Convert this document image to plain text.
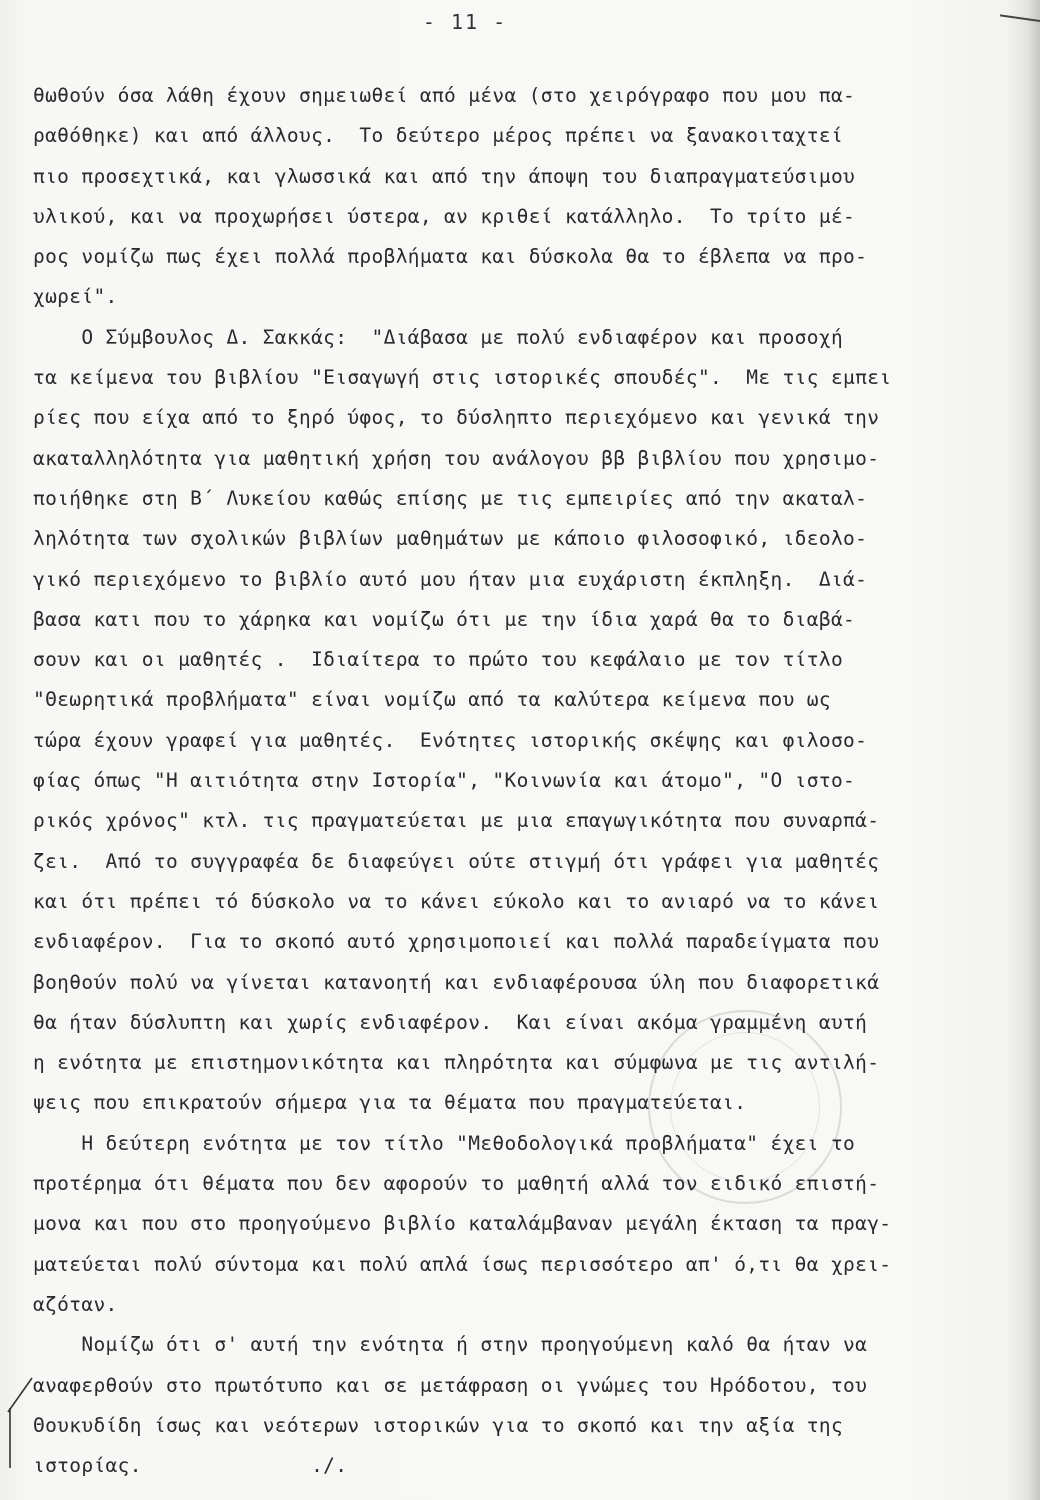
- 11 -
θωθούν όσα λάθη έχουν σημειωθεί από μένα (στο χειρόγραφο που μου πα-
ραθόθηκε) και από άλλους.  Το δεύτερο μέρος πρέπει να ξανακοιταχτεί
πιο προσεχτικά, και γλωσσικά και από την άποψη του διαπραγματεύσιμου
υλικού, και να προχωρήσει ύστερα, αν κριθεί κατάλληλο.  Το τρίτο μέ-
ρος νομίζω πως έχει πολλά προβλήματα και δύσκολα θα το έβλεπα να προ-
χωρεί".
Ο Σύμβουλος Δ. Σακκάς:  "Διάβασα με πολύ ενδιαφέρον και προσοχή
τα κείμενα του βιβλίου "Εισαγωγή στις ιστορικές σπουδές".  Με τις εμπει
ρίες που είχα από το ξηρό ύφος, το δύσληπτο περιεχόμενο και γενικά την
ακαταλληλότητα για μαθητική χρήση του ανάλογου ββ βιβλίου που χρησιμο-
ποιήθηκε στη Β΄ Λυκείου καθώς επίσης με τις εμπειρίες από την ακαταλ-
ληλότητα των σχολικών βιβλίων μαθημάτων με κάποιο φιλοσοφικό, ιδεολο-
γικό περιεχόμενο το βιβλίο αυτό μου ήταν μια ευχάριστη έκπληξη.  Διά-
βασα κατι που το χάρηκα και νομίζω ότι με την ίδια χαρά θα το διαβά-
σουν και οι μαθητές .  Ιδιαίτερα το πρώτο του κεφάλαιο με τον τίτλο
"Θεωρητικά προβλήματα" είναι νομίζω από τα καλύτερα κείμενα που ως
τώρα έχουν γραφεί για μαθητές.  Ενότητες ιστορικής σκέψης και φιλοσο-
φίας όπως "Η αιτιότητα στην Ιστορία", "Κοινωνία και άτομο", "Ο ιστο-
ρικός χρόνος" κτλ. τις πραγματεύεται με μια επαγωγικότητα που συναρπά-
ζει.  Από το συγγραφέα δε διαφεύγει ούτε στιγμή ότι γράφει για μαθητές
και ότι πρέπει τό δύσκολο να το κάνει εύκολο και το ανιαρό να το κάνει
ενδιαφέρον.  Για το σκοπό αυτό χρησιμοποιεί και πολλά παραδείγματα που
βοηθούν πολύ να γίνεται κατανοητή και ενδιαφέρουσα ύλη που διαφορετικά
θα ήταν δύσλυπτη και χωρίς ενδιαφέρον.  Και είναι ακόμα γραμμένη αυτή
η ενότητα με επιστημονικότητα και πληρότητα και σύμφωνα με τις αντιλή-
ψεις που επικρατούν σήμερα για τα θέματα που πραγματεύεται.
Η δεύτερη ενότητα με τον τίτλο "Μεθοδολογικά προβλήματα" έχει το
προτέρημα ότι θέματα που δεν αφορούν το μαθητή αλλά τον ειδικό επιστή-
μονα και που στο προηγούμενο βιβλίο καταλάμβαναν μεγάλη έκταση τα πραγ-
ματεύεται πολύ σύντομα και πολύ απλά ίσως περισσότερο απ' ό,τι θα χρει-
αζόταν.
Νομίζω ότι σ' αυτή την ενότητα ή στην προηγούμενη καλό θα ήταν να
αναφερθούν στο πρωτότυπο και σε μετάφραση οι γνώμες του Ηρόδοτου, του
Θουκυδίδη ίσως και νεότερων ιστορικών για το σκοπό και την αξία της
ιστορίας.              ./.
